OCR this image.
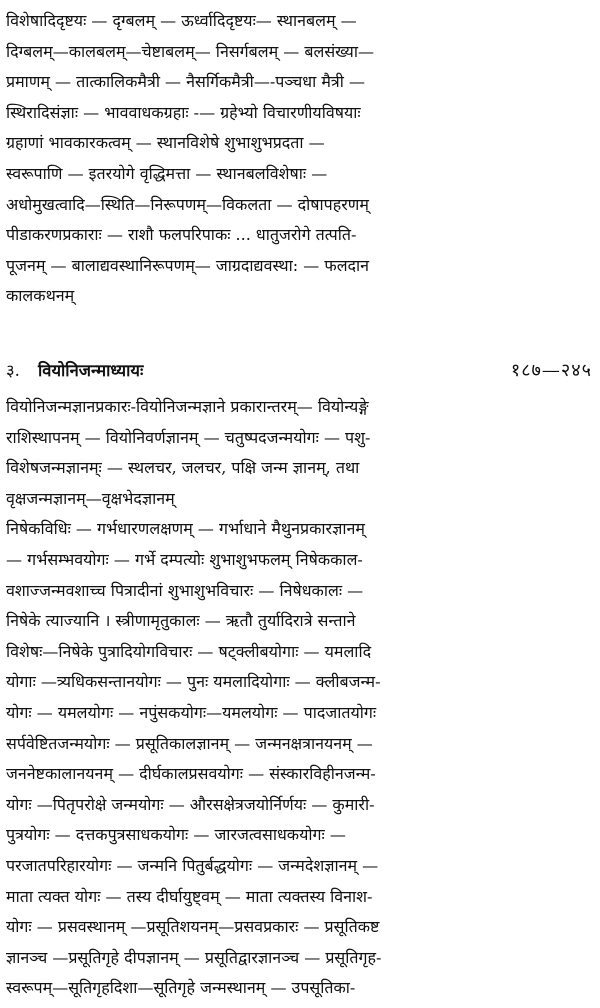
विशेषादिदृष्टयः — दृग्बलम् — ऊर्ध्वादिदृष्टयः— स्थानबलम् —
दिग्बलम्—कालबलम्—चेष्टाबलम्— निसर्गबलम् — बलसंख्या—
प्रमाणम् — तात्कालिकमैत्री — नैसर्गिकमैत्री—-पञ्चधा मैत्री —
स्थिरादिसंज्ञाः — भाववाधकग्रहाः -— ग्रहेभ्यो विचारणीयविषयाः
ग्रहाणां भावकारकत्वम् — स्थानविशेषे शुभाशुभप्रदता —
स्वरूपाणि — इतरयोगे वृद्धिमत्ता — स्थानबलविशेषाः —
अधोमुखत्वादि—स्थिति—निरूपणम्—विकलता — दोषापहरणम्
पीडाकरणप्रकाराः — राशौ फलपरिपाकः ... धातुजरोगे तत्पति-
पूजनम् — बालाद्यवस्थानिरूपणम्— जाग्रदाद्यवस्था: — फलदान
कालकथनम्
३. वियोनिजन्माध्यायः	१८७—२४५
वियोनिजन्मज्ञानप्रकारः-वियोनिजन्मज्ञाने प्रकारान्तरम्— वियोन्यङ्गे
राशिस्थापनम् — वियोनिवर्णज्ञानम् — चतुष्पदजन्मयोगः — पशु-
विशेषजन्मज्ञानम्ः — स्थलचर, जलचर, पक्षि जन्म ज्ञानम्, तथा
वृक्षजन्मज्ञानम्—वृक्षभेदज्ञानम्
निषेकविधिः — गर्भधारणलक्षणम् — गर्भाधाने मैथुनप्रकारज्ञानम्
— गर्भसम्भवयोगः — गर्भे दम्पत्योः शुभाशुभफलम् निषेककाल-
वशाज्जन्मवशाच्च पित्रादीनां शुभाशुभविचारः — निषेधकालः —
निषेके त्याज्यानि । स्त्रीणामृतुकालः — ऋतौ तुर्यादिरात्रे सन्ताने
विशेषः—निषेके पुत्रादियोगविचारः — षट्क्लीबयोगाः — यमलादि
योगाः —त्र्यधिकसन्तानयोगः — पुनः यमलादियोगाः — क्लीबजन्म-
योगः — यमलयोगः — नपुंसकयोगः—यमलयोगः — पादजातयोगः
सर्पवेष्टितजन्मयोगः — प्रसूतिकालज्ञानम् — जन्मनक्षत्रानयनम् —
जननेष्टकालानयनम् — दीर्घकालप्रसवयोगः — संस्कारविहीनजन्म-
योगः —पितृपरोक्षे जन्मयोगः — औरसक्षेत्रजयोर्निर्णयः — कुमारी-
पुत्रयोगः — दत्तकपुत्रसाधकयोगः — जारजत्वसाधकयोगः —
परजातपरिहारयोगः — जन्मनि पितुर्बद्धयोगः — जन्मदेशज्ञानम् —
माता त्यक्त योगः — तस्य दीर्घायुष्ट्वम् — माता त्यक्तस्य विनाश-
योगः — प्रसवस्थानम् —प्रसूतिशयनम्—प्रसवप्रकारः — प्रसूतिकष्ट
ज्ञानञ्च —प्रसूतिगृहे दीपज्ञानम् — प्रसूतिद्वारज्ञानञ्च — प्रसूतिगृह-
स्वरूपम्—सूतिगृहदिशा—सूतिगृहे जन्मस्थानम् — उपसूतिका-
